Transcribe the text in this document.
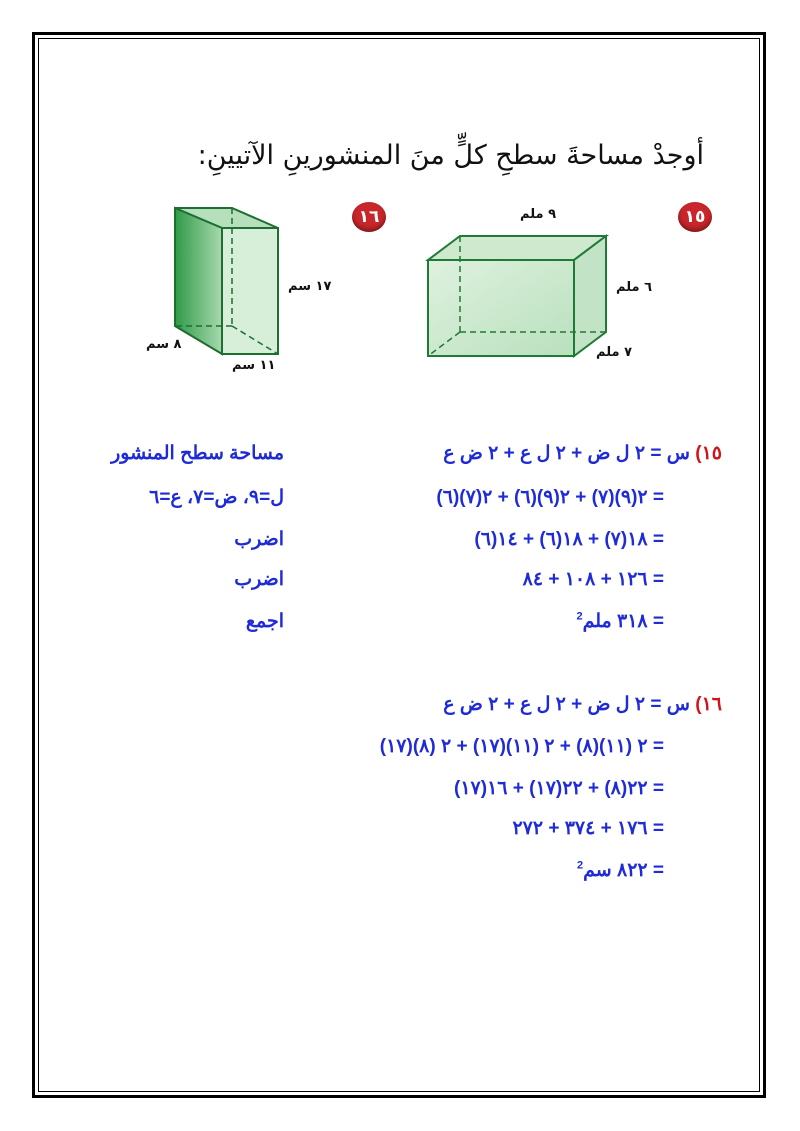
أوجدْ مساحةَ سطحِ كلٍّ منَ المنشورينِ الآتيينِ:
١٥
٩ ملم
٦ ملم
٧ ملم
١٦
١٧ سم
٨ سم
١١ سم
١٥) س = ٢ ل ض + ٢ ل ع + ٢ ض ع
= ٢(٩)(٧) + ٢(٩)(٦) + ٢(٧)(٦)
= ١٨(٧) + ١٨(٦) + ١٤(٦)
= ١٢٦ + ١٠٨ + ٨٤
= ٣١٨ ملم$^2$
مساحة سطح المنشور
ل=٩، ض=٧، ع=٦
اضرب
اضرب
اجمع
١٦) س = ٢ ل ض + ٢ ل ع + ٢ ض ع
= ٢ (١١)(٨) + ٢ (١١)(١٧) + ٢ (٨)(١٧)
= ٢٢(٨) + ٢٢(١٧) + ١٦(١٧)
= ١٧٦ + ٣٧٤ + ٢٧٢
= ٨٢٢ سم$^2$
